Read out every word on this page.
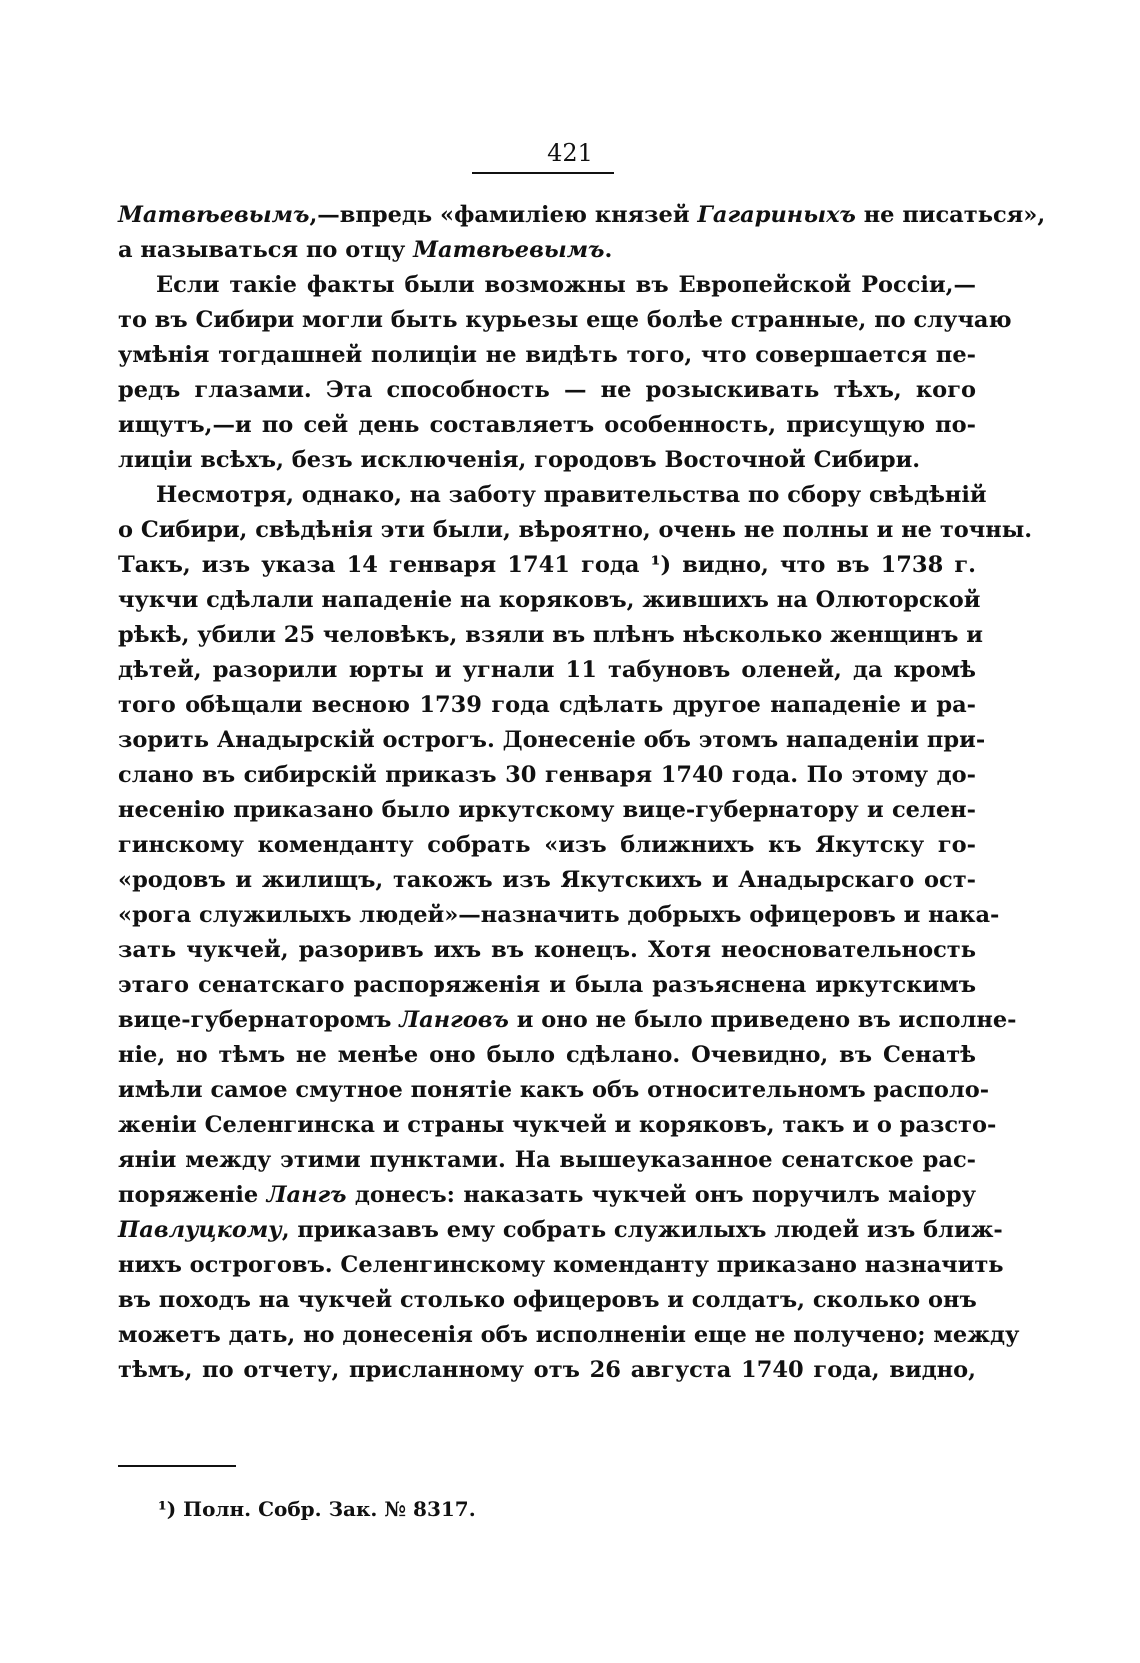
421
Матвѣевымъ,—впредь «фамиліею князей Гагариныхъ не писаться»,
а называться по отцу Матвѣевымъ.
Если такіе факты были возможны въ Европейской Россіи,—
то въ Сибири могли быть курьезы еще болѣе странные, по случаю
умѣнія тогдашней полиціи не видѣть того, что совершается пе-
редъ глазами. Эта способность — не розыскивать тѣхъ, кого
ищутъ,—и по сей день составляетъ особенность, присущую по-
лиціи всѣхъ, безъ исключенія, городовъ Восточной Сибири.
Несмотря, однако, на заботу правительства по сбору свѣдѣній
о Сибири, свѣдѣнія эти были, вѣроятно, очень не полны и не точны.
Такъ, изъ указа 14 генваря 1741 года ¹) видно, что въ 1738 г.
чукчи сдѣлали нападеніе на коряковъ, жившихъ на Олюторской
рѣкѣ, убили 25 человѣкъ, взяли въ плѣнъ нѣсколько женщинъ и
дѣтей, разорили юрты и угнали 11 табуновъ оленей, да кромѣ
того обѣщали весною 1739 года сдѣлать другое нападеніе и ра-
зорить Анадырскій острогъ. Донесеніе объ этомъ нападеніи при-
слано въ сибирскій приказъ 30 генваря 1740 года. По этому до-
несенію приказано было иркутскому вице-губернатору и селен-
гинскому коменданту собрать «изъ ближнихъ къ Якутску го-
«родовъ и жилищъ, такожъ изъ Якутскихъ и Анадырскаго ост-
«рога служилыхъ людей»—назначить добрыхъ офицеровъ и нака-
зать чукчей, разоривъ ихъ въ конецъ. Хотя неосновательность
этаго сенатскаго распоряженія и была разъяснена иркутскимъ
вице-губернаторомъ Ланговъ и оно не было приведено въ исполне-
ніе, но тѣмъ не менѣе оно было сдѣлано. Очевидно, въ Сенатѣ
имѣли самое смутное понятіе какъ объ относительномъ располо-
женіи Селенгинска и страны чукчей и коряковъ, такъ и о разсто-
яніи между этими пунктами. На вышеуказанное сенатское рас-
поряженіе Лангъ донесъ: наказать чукчей онъ поручилъ маіору
Павлуцкому, приказавъ ему собрать служилыхъ людей изъ ближ-
нихъ остроговъ. Селенгинскому коменданту приказано назначить
въ походъ на чукчей столько офицеровъ и солдатъ, сколько онъ
можетъ дать, но донесенія объ исполненіи еще не получено; между
тѣмъ, по отчету, присланному отъ 26 августа 1740 года, видно,
¹) Полн. Собр. Зак. № 8317.
